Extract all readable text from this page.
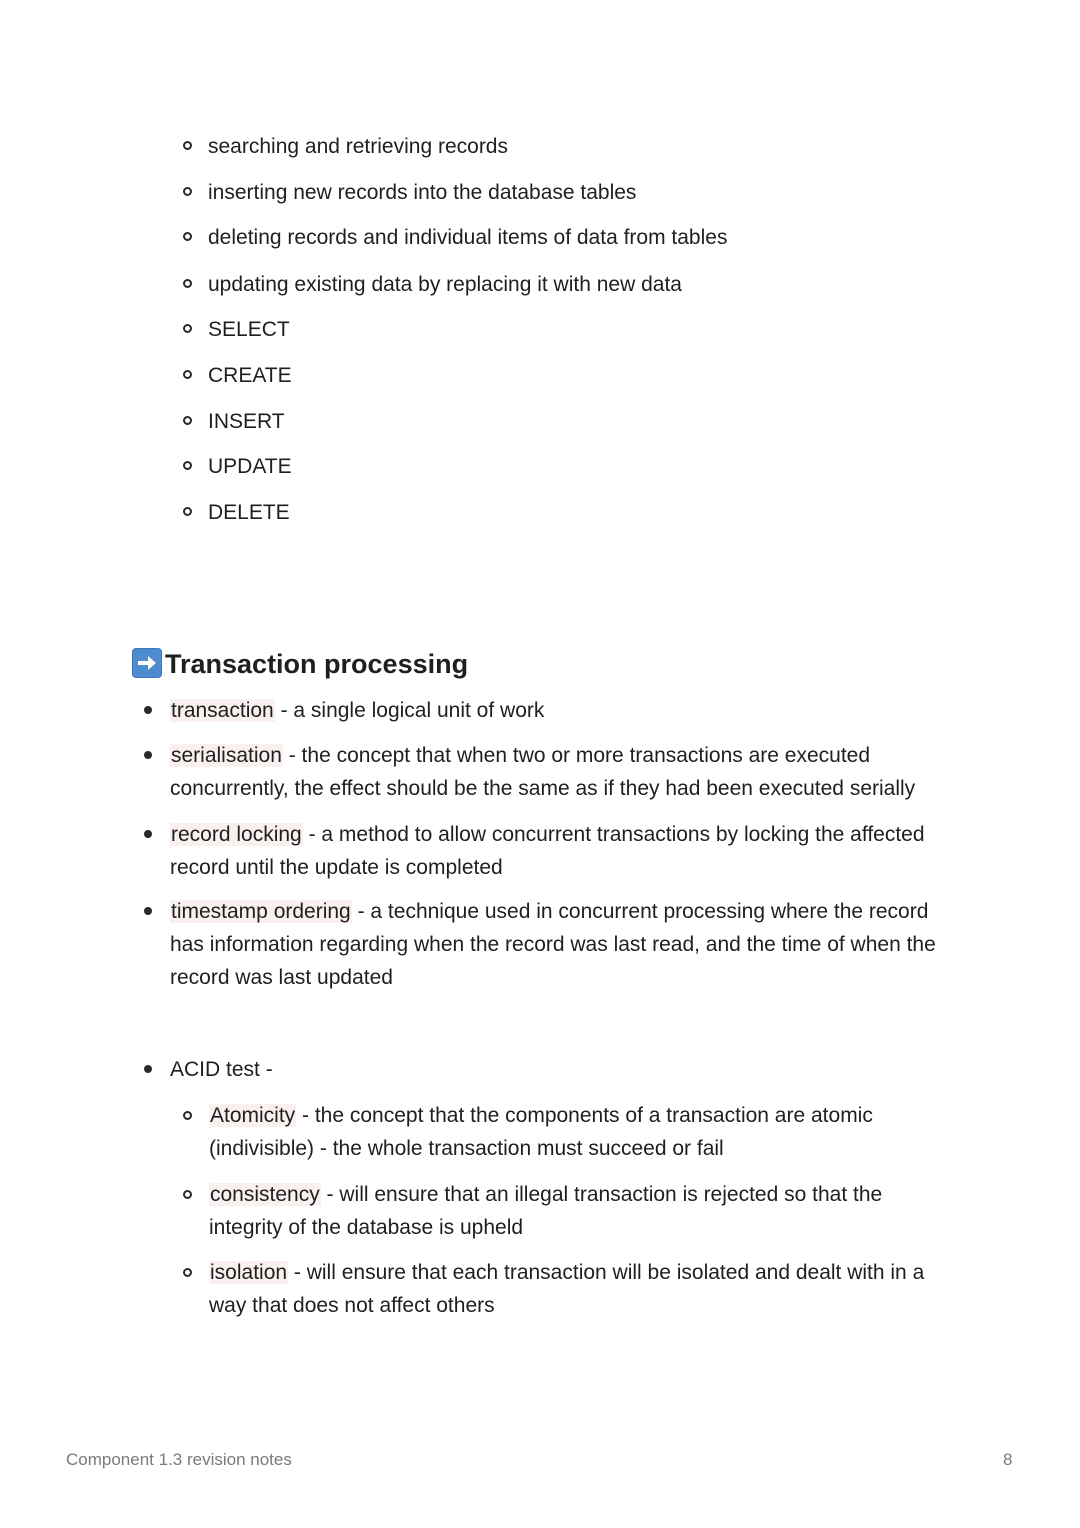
searching and retrieving records
inserting new records into the database tables
deleting records and individual items of data from tables
updating existing data by replacing it with new data
SELECT
CREATE
INSERT
UPDATE
DELETE
Transaction processing
transaction - a single logical unit of work
serialisation - the concept that when two or more transactions are executed concurrently, the effect should be the same as if they had been executed serially
record locking - a method to allow concurrent transactions by locking the affected record until the update is completed
timestamp ordering - a technique used in concurrent processing where the record has information regarding when the record was last read, and the time of when the record was last updated
ACID test -
Atomicity - the concept that the components of a transaction are atomic (indivisible) - the whole transaction must succeed or fail
consistency - will ensure that an illegal transaction is rejected so that the integrity of the database is upheld
isolation - will ensure that each transaction will be isolated and dealt with in a way that does not affect others
Component 1.3 revision notes	8
